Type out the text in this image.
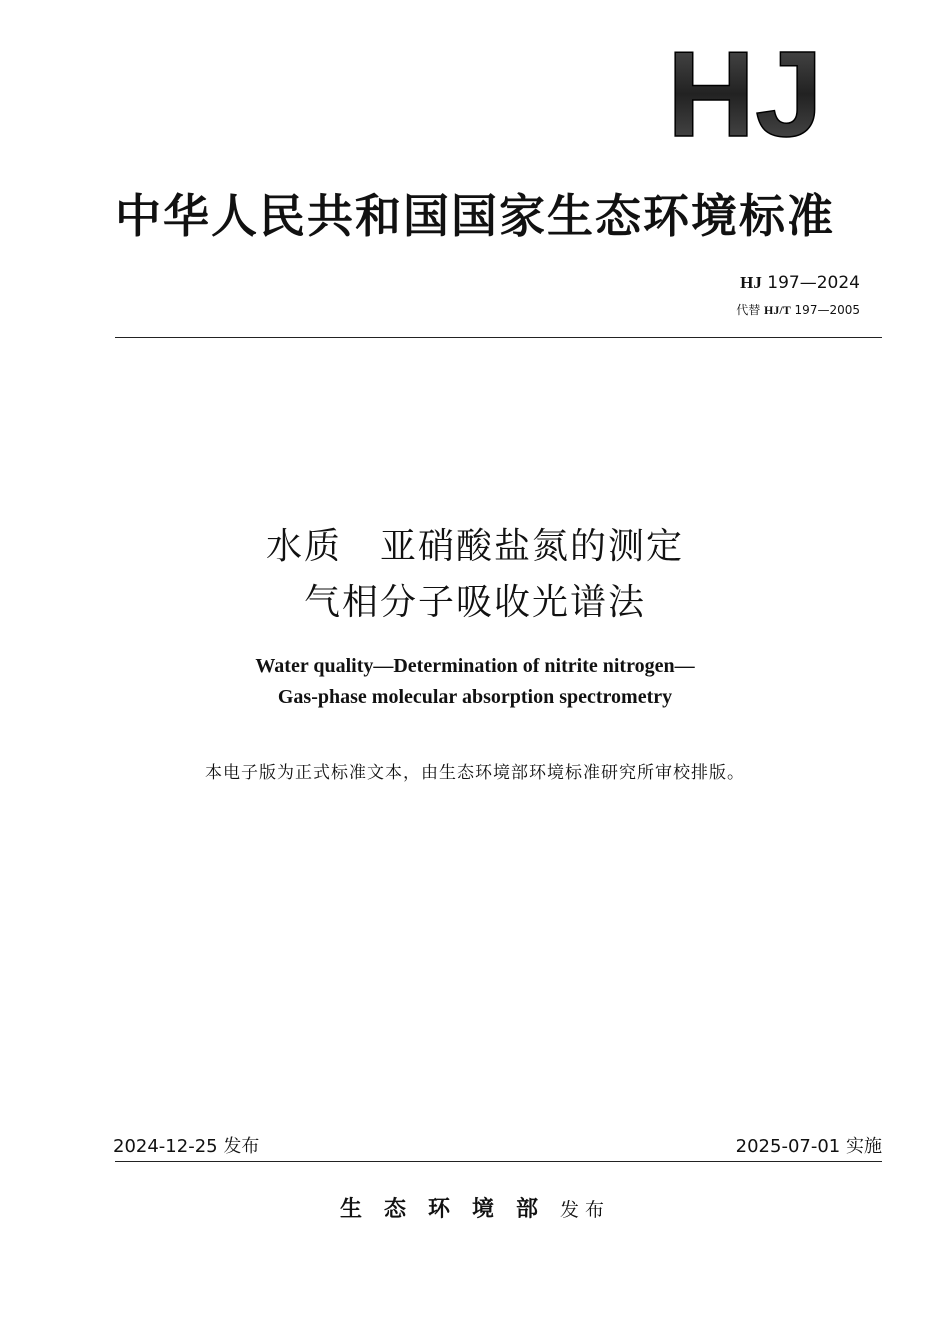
HJ
中华人民共和国国家生态环境标准
HJ 197—2024
代替 HJ/T 197—2005
水质 亚硝酸盐氮的测定
气相分子吸收光谱法
Water quality—Determination of nitrite nitrogen—
Gas-phase molecular absorption spectrometry
本电子版为正式标准文本，由生态环境部环境标准研究所审校排版。
2024-12-25 发布	2025-07-01 实施
生态环境部发布
